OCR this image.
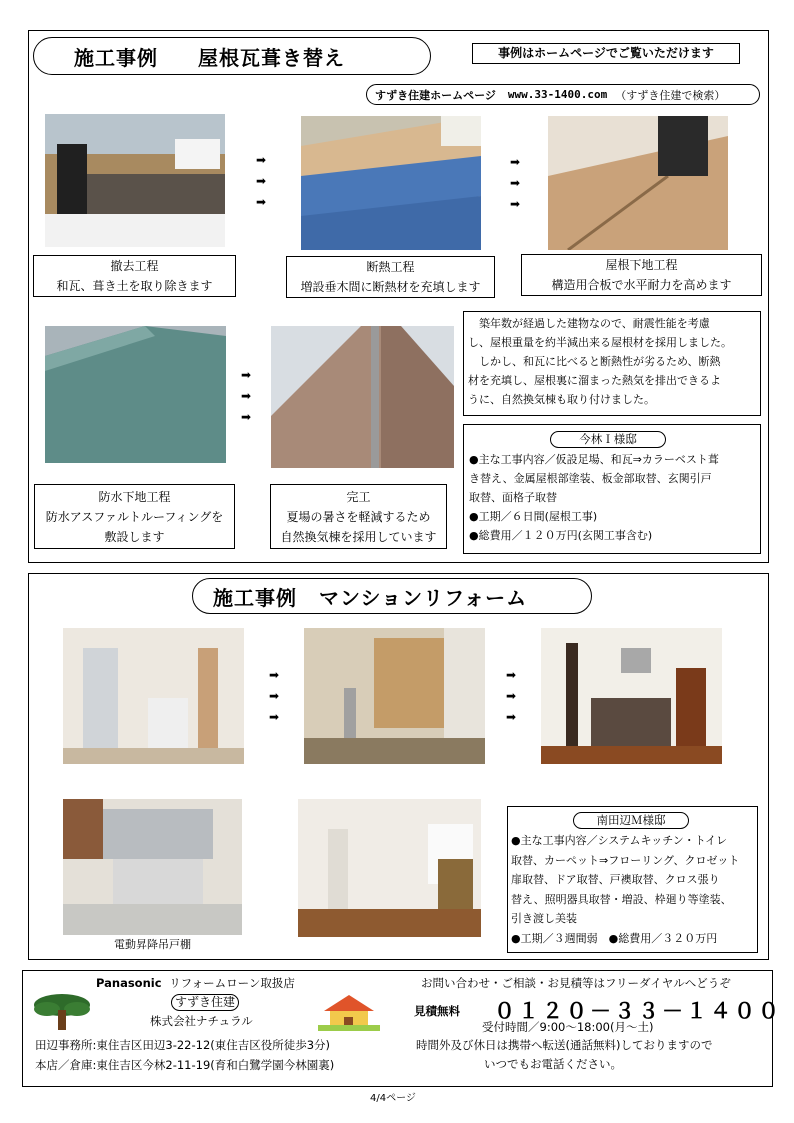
施工事例 屋根瓦葺き替え	事例はホームページでご覧いただけます
すずき住建ホームページ www.33-1400.com （すずき住建で検索）
➡
➡
➡
➡
➡
➡
撤去工程
和瓦、葺き土を取り除きます
断熱工程
増設垂木間に断熱材を充填します
屋根下地工程
構造用合板で水平耐力を高めます
➡
➡
➡
防水下地工程
防水アスファルトルーフィングを
敷設します
完工
夏場の暑さを軽減するため
自然換気棟を採用しています
　築年数が経過した建物なので、耐震性能を考慮
し、屋根重量を約半減出来る屋根材を採用しました。
　しかし、和瓦に比べると断熱性が劣るため、断熱
材を充填し、屋根裏に溜まった熱気を排出できるよ
うに、自然換気棟も取り付けました。
今林Ｉ様邸
●主な工事内容／仮設足場、和瓦⇒カラーベスト葺
き替え、金属屋根部塗装、板金部取替、玄関引戸
取替、面格子取替
●工期／６日間(屋根工事)
●総費用／１２０万円(玄関工事含む)
施工事例 マンションリフォーム
➡
➡
➡
➡
➡
➡
電動昇降吊戸棚
南田辺Ｍ様邸
●主な工事内容／システムキッチン・トイレ
取替、カーペット⇒フローリング、クロゼット
扉取替、ドア取替、戸襖取替、クロス張り
替え、照明器具取替・増設、枠廻り等塗装、
引き渡し美装
●工期／３週間弱　●総費用／３２０万円
Panasonic リフォームローン取扱店
すずき住建
株式会社ナチュラル
田辺事務所:東住吉区田辺3-22-12(東住吉区役所徒歩3分)
本店／倉庫:東住吉区今林2-11-19(育和白鷺学園今林園裏)
お問い合わせ・ご相談・お見積等はフリーダイヤルへどうぞ
見積無料 ０１２０－３３－１４００
受付時間／9:00～18:00(月～土)
時間外及び休日は携帯へ転送(通話無料)しておりますので
いつでもお電話ください。
4/4ページ
